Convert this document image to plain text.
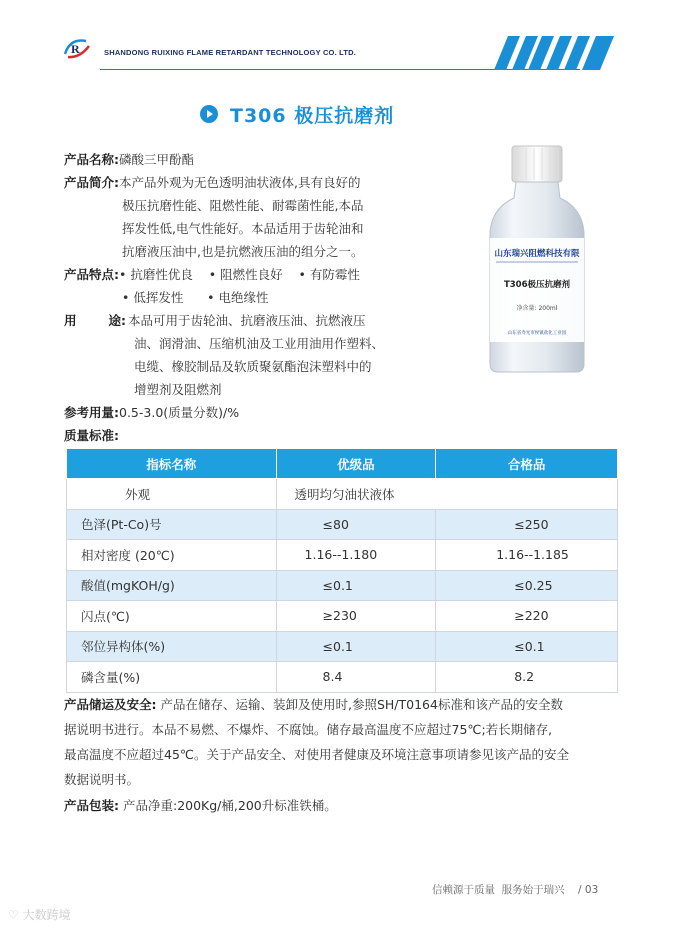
R	SHANDONG RUIXING FLAME RETARDANT TECHNOLOGY CO. LTD.
T306 极压抗磨剂
产品名称: 磷酸三甲酚酯
产品简介: 本产品外观为无色透明油状液体,具有良好的
极压抗磨性能、阻燃性能、耐霉菌性能,本品
挥发性低,电气性能好。本品适用于齿轮油和
抗磨液压油中,也是抗燃液压油的组分之一。
产品特点: • 抗磨性优良    • 阻燃性良好    • 有防霉性
• 低挥发性      • 电绝缘性
用	途: 本品可用于齿轮油、抗磨液压油、抗燃液压
油、润滑油、压缩机油及工业用油用作塑料、
电缆、橡胶制品及软质聚氨酯泡沫塑料中的
增塑剂及阻燃剂
参考用量: 0.5-3.0(质量分数)/%
质量标准:
山东瑞兴阻燃科技有限
T306极压抗磨剂
净含量: 200ml
山东省寿光市侯镇盐化工业园
指标名称	优级品	合格品
外观	透明均匀油状液体	
色泽(Pt-Co)号	≤80	≤250
相对密度 (20℃)	1.16--1.180	1.16--1.185
酸值(mgKOH/g)	≤0.1	≤0.25
闪点(℃)	≥230	≥220
邻位异构体(%)	≤0.1	≤0.1
磷含量(%)	8.4	8.2
产品储运及安全: 产品在储存、运输、装卸及使用时,参照SH/T0164标准和该产品的安全数
据说明书进行。本品不易燃、不爆炸、不腐蚀。储存最高温度不应超过75℃;若长期储存,
最高温度不应超过45℃。关于产品安全、对使用者健康及环境注意事项请参见该产品的安全
数据说明书。
产品包装: 产品净重:200Kg/桶,200升标准铁桶。
信赖源于质量  服务始于瑞兴    / 03
♡ 大数跨境
